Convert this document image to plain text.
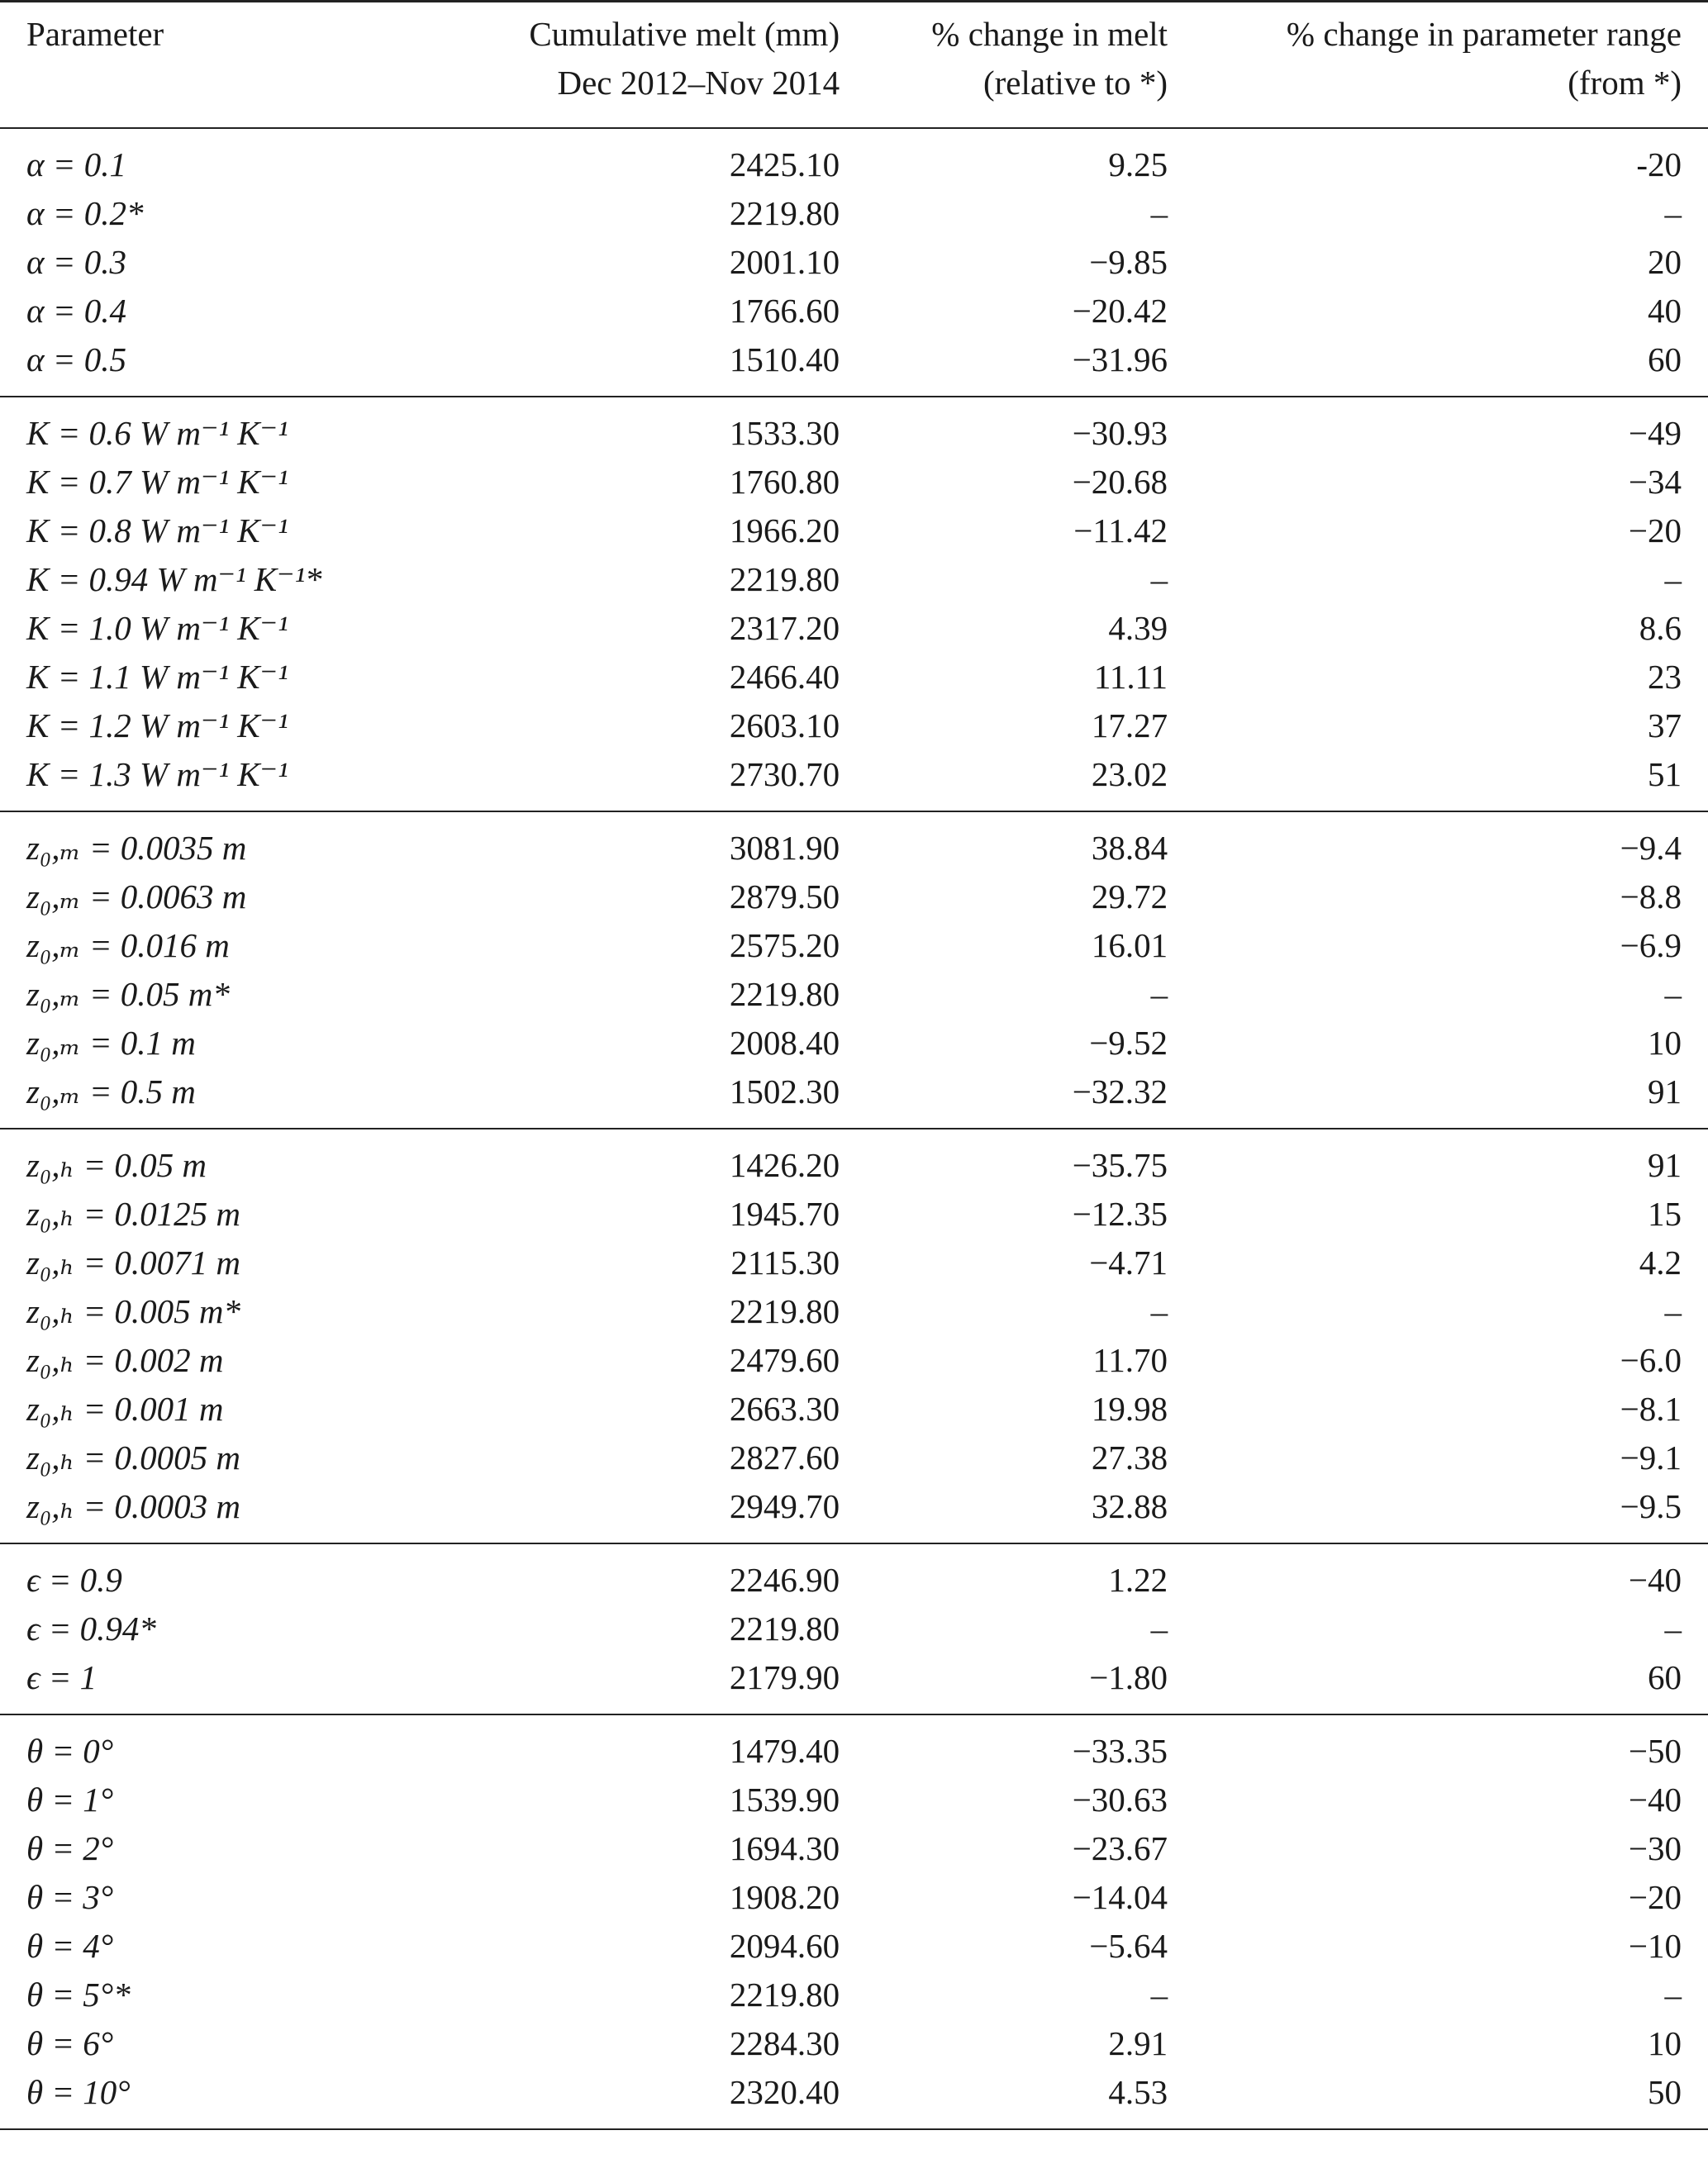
Parameter	Cumulative melt (mm)	% change in melt	% change in parameter range
	Dec 2012–Nov 2014	(relative to *)	(from *)
α = 0.1	2425.10	9.25	-20
α = 0.2*	2219.80	–	–
α = 0.3	2001.10	−9.85	20
α = 0.4	1766.60	−20.42	40
α = 0.5	1510.40	−31.96	60
K = 0.6 W m⁻¹ K⁻¹	1533.30	−30.93	−49
K = 0.7 W m⁻¹ K⁻¹	1760.80	−20.68	−34
K = 0.8 W m⁻¹ K⁻¹	1966.20	−11.42	−20
K = 0.94 W m⁻¹ K⁻¹*	2219.80	–	–
K = 1.0 W m⁻¹ K⁻¹	2317.20	4.39	8.6
K = 1.1 W m⁻¹ K⁻¹	2466.40	11.11	23
K = 1.2 W m⁻¹ K⁻¹	2603.10	17.27	37
K = 1.3 W m⁻¹ K⁻¹	2730.70	23.02	51
z₀,ₘ = 0.0035 m	3081.90	38.84	−9.4
z₀,ₘ = 0.0063 m	2879.50	29.72	−8.8
z₀,ₘ = 0.016 m	2575.20	16.01	−6.9
z₀,ₘ = 0.05 m*	2219.80	–	–
z₀,ₘ = 0.1 m	2008.40	−9.52	10
z₀,ₘ = 0.5 m	1502.30	−32.32	91
z₀,ₕ = 0.05 m	1426.20	−35.75	91
z₀,ₕ = 0.0125 m	1945.70	−12.35	15
z₀,ₕ = 0.0071 m	2115.30	−4.71	4.2
z₀,ₕ = 0.005 m*	2219.80	–	–
z₀,ₕ = 0.002 m	2479.60	11.70	−6.0
z₀,ₕ = 0.001 m	2663.30	19.98	−8.1
z₀,ₕ = 0.0005 m	2827.60	27.38	−9.1
z₀,ₕ = 0.0003 m	2949.70	32.88	−9.5
ϵ = 0.9	2246.90	1.22	−40
ϵ = 0.94*	2219.80	–	–
ϵ = 1	2179.90	−1.80	60
θ = 0°	1479.40	−33.35	−50
θ = 1°	1539.90	−30.63	−40
θ = 2°	1694.30	−23.67	−30
θ = 3°	1908.20	−14.04	−20
θ = 4°	2094.60	−5.64	−10
θ = 5°*	2219.80	–	–
θ = 6°	2284.30	2.91	10
θ = 10°	2320.40	4.53	50
